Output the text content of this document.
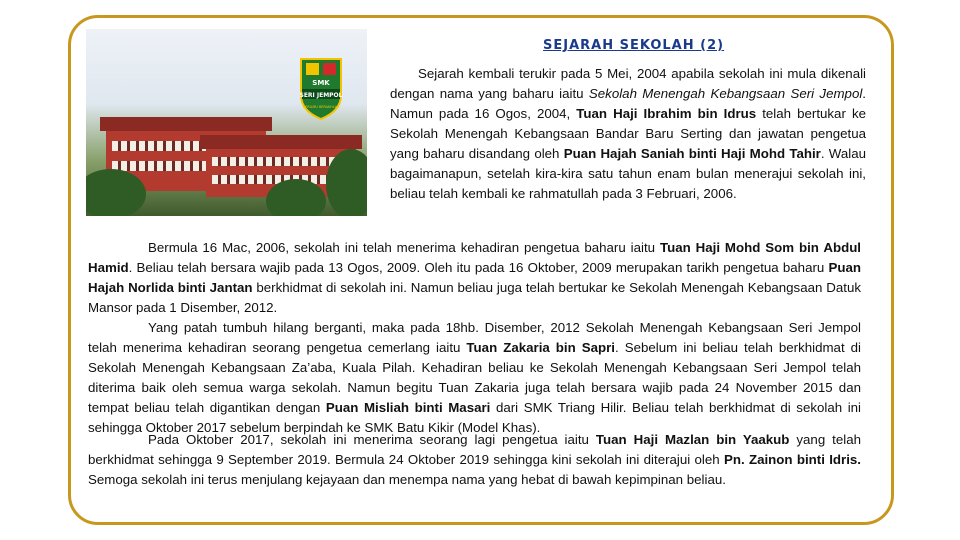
SMK
SERI JEMPOL
BERILMU BERAKHLAK
SEJARAH SEKOLAH (2)

Sejarah kembali terukir pada 5 Mei, 2004 apabila sekolah ini mula dikenali dengan nama yang baharu iaitu Sekolah Menengah Kebangsaan Seri Jempol. Namun pada 16 Ogos, 2004, Tuan Haji Ibrahim bin Idrus telah bertukar ke Sekolah Menengah Kebangsaan Bandar Baru Serting dan jawatan pengetua yang baharu disandang oleh Puan Hajah Saniah binti Haji Mohd Tahir. Walau bagaimanapun, setelah kira-kira satu tahun enam bulan menerajui sekolah ini, beliau telah kembali ke rahmatullah pada 3 Februari, 2006.

Bermula 16 Mac, 2006, sekolah ini telah menerima kehadiran pengetua baharu iaitu Tuan Haji Mohd Som bin Abdul Hamid. Beliau telah bersara wajib pada 13 Ogos, 2009. Oleh itu pada 16 Oktober, 2009 merupakan tarikh pengetua baharu Puan Hajah Norlida binti Jantan berkhidmat di sekolah ini. Namun beliau juga telah bertukar ke Sekolah Menengah Kebangsaan Datuk Mansor pada 1 Disember, 2012.

Yang patah tumbuh hilang berganti, maka pada 18hb. Disember, 2012 Sekolah Menengah Kebangsaan Seri Jempol telah menerima kehadiran seorang pengetua cemerlang iaitu Tuan Zakaria bin Sapri. Sebelum ini beliau telah berkhidmat di Sekolah Menengah Kebangsaan Za’aba, Kuala Pilah. Kehadiran beliau ke Sekolah Menengah Kebangsaan Seri Jempol telah diterima baik oleh semua warga sekolah. Namun begitu Tuan Zakaria juga telah bersara wajib pada 24 November 2015 dan tempat beliau telah digantikan dengan Puan Misliah binti Masari dari SMK Triang Hilir. Beliau telah berkhidmat di sekolah ini sehingga Oktober 2017 sebelum berpindah ke SMK Batu Kikir (Model Khas).

Pada Oktober 2017, sekolah ini menerima seorang lagi pengetua iaitu Tuan Haji Mazlan bin Yaakub yang telah berkhidmat sehingga 9 September 2019. Bermula 24 Oktober 2019 sehingga kini sekolah ini diterajui oleh Pn. Zainon binti Idris. Semoga sekolah ini terus menjulang kejayaan dan menempa nama yang hebat di bawah kepimpinan beliau.
